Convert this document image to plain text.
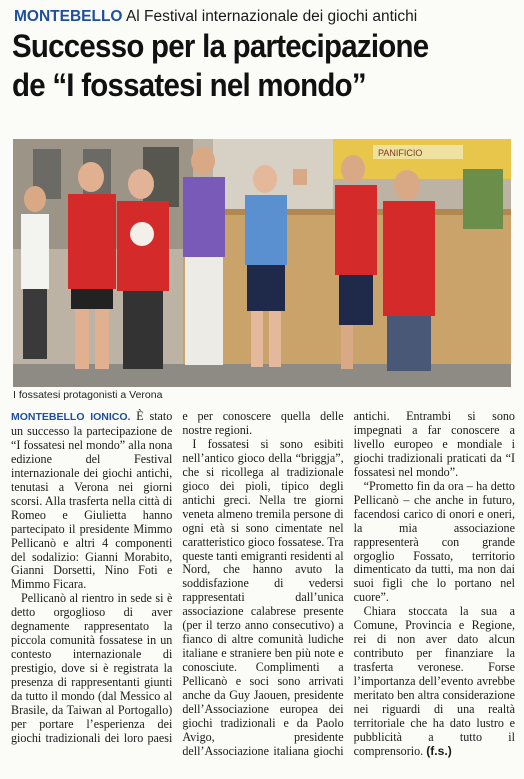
MONTEBELLO Al Festival internazionale dei giochi antichi
Successo per la partecipazione
de “I fossatesi nel mondo”
PANIFICIO
I fossatesi protagonisti a Verona

MONTEBELLO IONICO. È stato un successo la partecipazione de “I fossatesi nel mondo” alla nona edizione del Festival internazionale dei giochi antichi, tenutasi a Verona nei giorni scorsi. Alla trasferta nella città di Romeo e Giulietta hanno partecipato il presidente Mimmo Pellicanò e altri 4 componenti del sodalizio: Gianni Morabito, Gianni Dorsetti, Nino Foti e Mimmo Ficara.

Pellicanò al rientro in sede si è detto orgoglioso di aver degnamente rappresentato la piccola comunità fossatese in un contesto internazionale di prestigio, dove si è registrata la presenza di rappresentanti giunti da tutto il mondo (dal Messico al Brasile, da Taiwan al Portogallo) per portare l’esperienza dei giochi tradizionali dei loro paesi e per conoscere quella delle nostre regioni.

I fossatesi si sono esibiti nell’antico gioco della “briggja”, che si ricollega al tradizionale gioco dei pioli, tipico degli antichi greci. Nella tre giorni veneta almeno tremila persone di ogni età si sono cimentate nel caratteristico gioco fossatese. Tra queste tanti emigranti residenti al Nord, che hanno avuto la soddisfazione di vedersi rappresentati dall’unica associazione calabrese presente (per il terzo anno consecutivo) a fianco di altre comunità ludiche italiane e straniere ben più note e conosciute. Complimenti a Pellicanò e soci sono arrivati anche da Guy Jaouen, presidente dell’Associazione europea dei giochi tradizionali e da Paolo Avigo, presidente dell’Associazione italiana giochi antichi. Entrambi si sono impegnati a far conoscere a livello europeo e mondiale i giochi tradizionali praticati da “I fossatesi nel mondo”.

“Prometto fin da ora – ha detto Pellicanò – che anche in futuro, facendosi carico di onori e oneri, la mia associazione rappresenterà con grande orgoglio Fossato, territorio dimenticato da tutti, ma non dai suoi figli che lo portano nel cuore”.

Chiara stoccata la sua a Comune, Provincia e Regione, rei di non aver dato alcun contributo per finanziare la trasferta veronese. Forse l’importanza dell’evento avrebbe meritato ben altra considerazione nei riguardi di una realtà territoriale che ha dato lustro e pubblicità a tutto il comprensorio. (f.s.)
